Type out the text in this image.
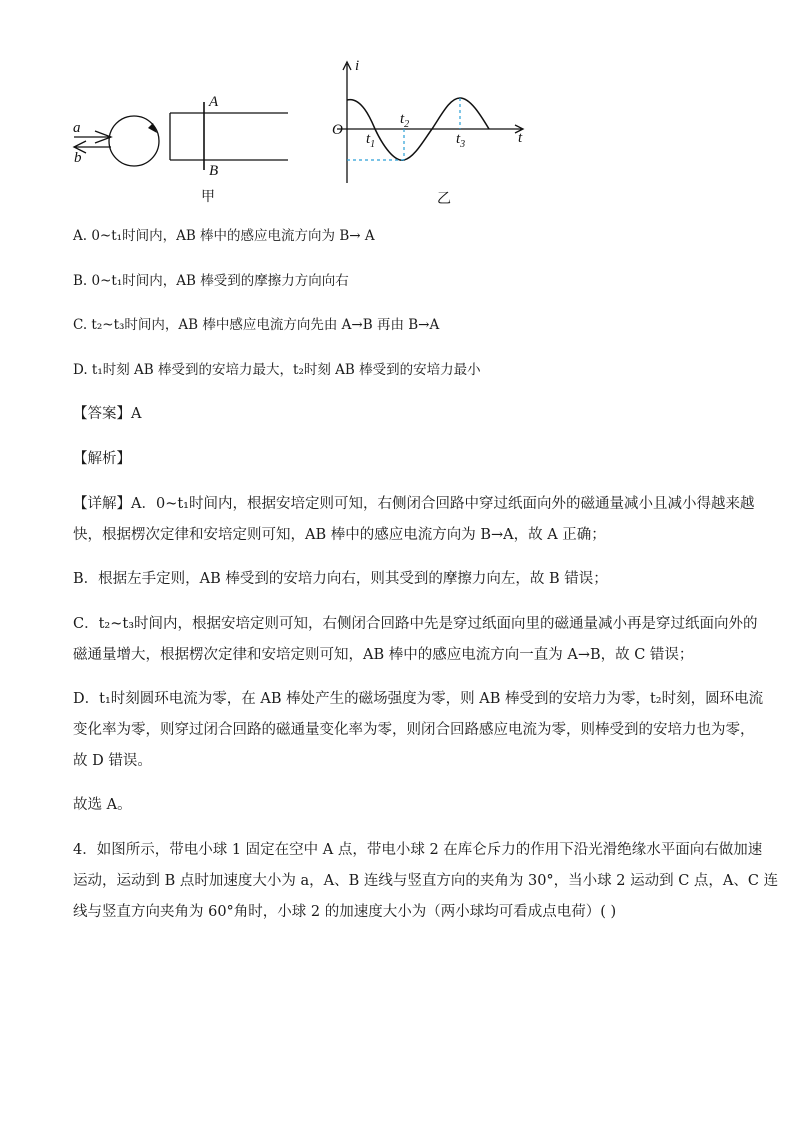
a
b
A
B
甲
i
t
O
$t_1$
$t_2$
$t_3$
乙
A. 0~t₁时间内，AB 棒中的感应电流方向为 B→ A
B. 0~t₁时间内，AB 棒受到的摩擦力方向向右
C. t₂~t₃时间内，AB 棒中感应电流方向先由 A→B 再由 B→A
D. t₁时刻 AB 棒受到的安培力最大，t₂时刻 AB 棒受到的安培力最小
【答案】A
【解析】
【详解】A．0~t₁时间内，根据安培定则可知，右侧闭合回路中穿过纸面向外的磁通量减小且减小得越来越
快，根据楞次定律和安培定则可知，AB 棒中的感应电流方向为 B→A，故 A 正确；
B．根据左手定则，AB 棒受到的安培力向右，则其受到的摩擦力向左，故 B 错误；
C．t₂~t₃时间内，根据安培定则可知，右侧闭合回路中先是穿过纸面向里的磁通量减小再是穿过纸面向外的
磁通量增大，根据楞次定律和安培定则可知，AB 棒中的感应电流方向一直为 A→B，故 C 错误；
D．t₁时刻圆环电流为零，在 AB 棒处产生的磁场强度为零，则 AB 棒受到的安培力为零，t₂时刻，圆环电流
变化率为零，则穿过闭合回路的磁通量变化率为零，则闭合回路感应电流为零，则棒受到的安培力也为零，
故 D 错误。
故选 A。
4．如图所示，带电小球 1 固定在空中 A 点，带电小球 2 在库仑斥力的作用下沿光滑绝缘水平面向右做加速
运动，运动到 B 点时加速度大小为 a，A、B 连线与竖直方向的夹角为 30°，当小球 2 运动到 C 点，A、C 连
线与竖直方向夹角为 60°角时，小球 2 的加速度大小为（两小球均可看成点电荷）( )
